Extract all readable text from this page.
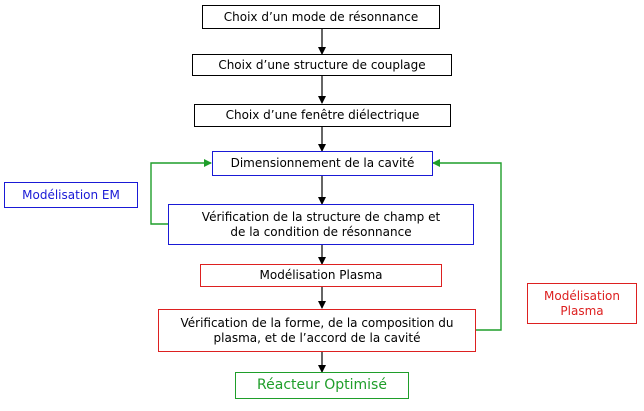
Choix d’un mode de résonnance
Choix d’une structure de couplage
Choix d’une fenêtre diélectrique
Dimensionnement de la cavité
Vérification de la structure de champ et
de la condition de résonnance
Modélisation Plasma
Vérification de la forme, de la composition du
plasma, et de l’accord de la cavité
Réacteur Optimisé
Modélisation EM
Modélisation
Plasma
